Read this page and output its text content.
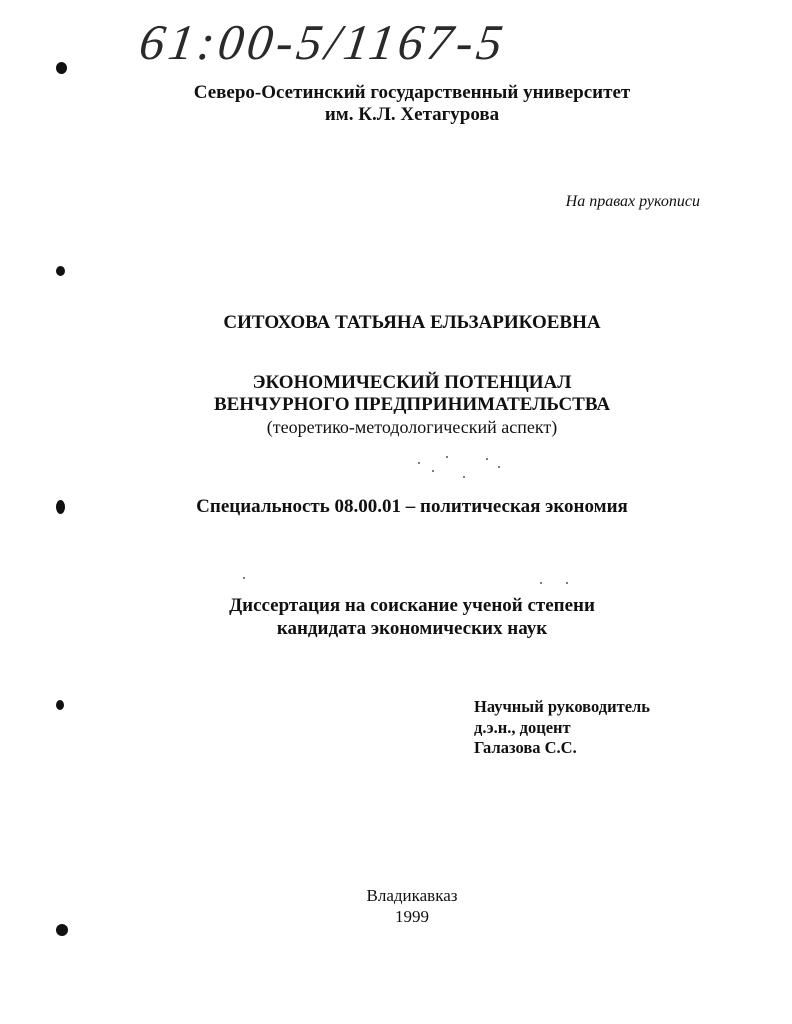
61:00-5/1167-5
Северо-Осетинский государственный университет
им. К.Л. Хетагурова
На правах рукописи
СИТОХОВА ТАТЬЯНА ЕЛЬЗАРИКОЕВНА
ЭКОНОМИЧЕСКИЙ ПОТЕНЦИАЛ
ВЕНЧУРНОГО ПРЕДПРИНИМАТЕЛЬСТВА
(теоретико-методологический аспект)
Специальность 08.00.01 – политическая экономия
Диссертация на соискание ученой степени
кандидата экономических наук
Научный руководитель
д.э.н., доцент
Галазова С.С.
Владикавказ
1999
